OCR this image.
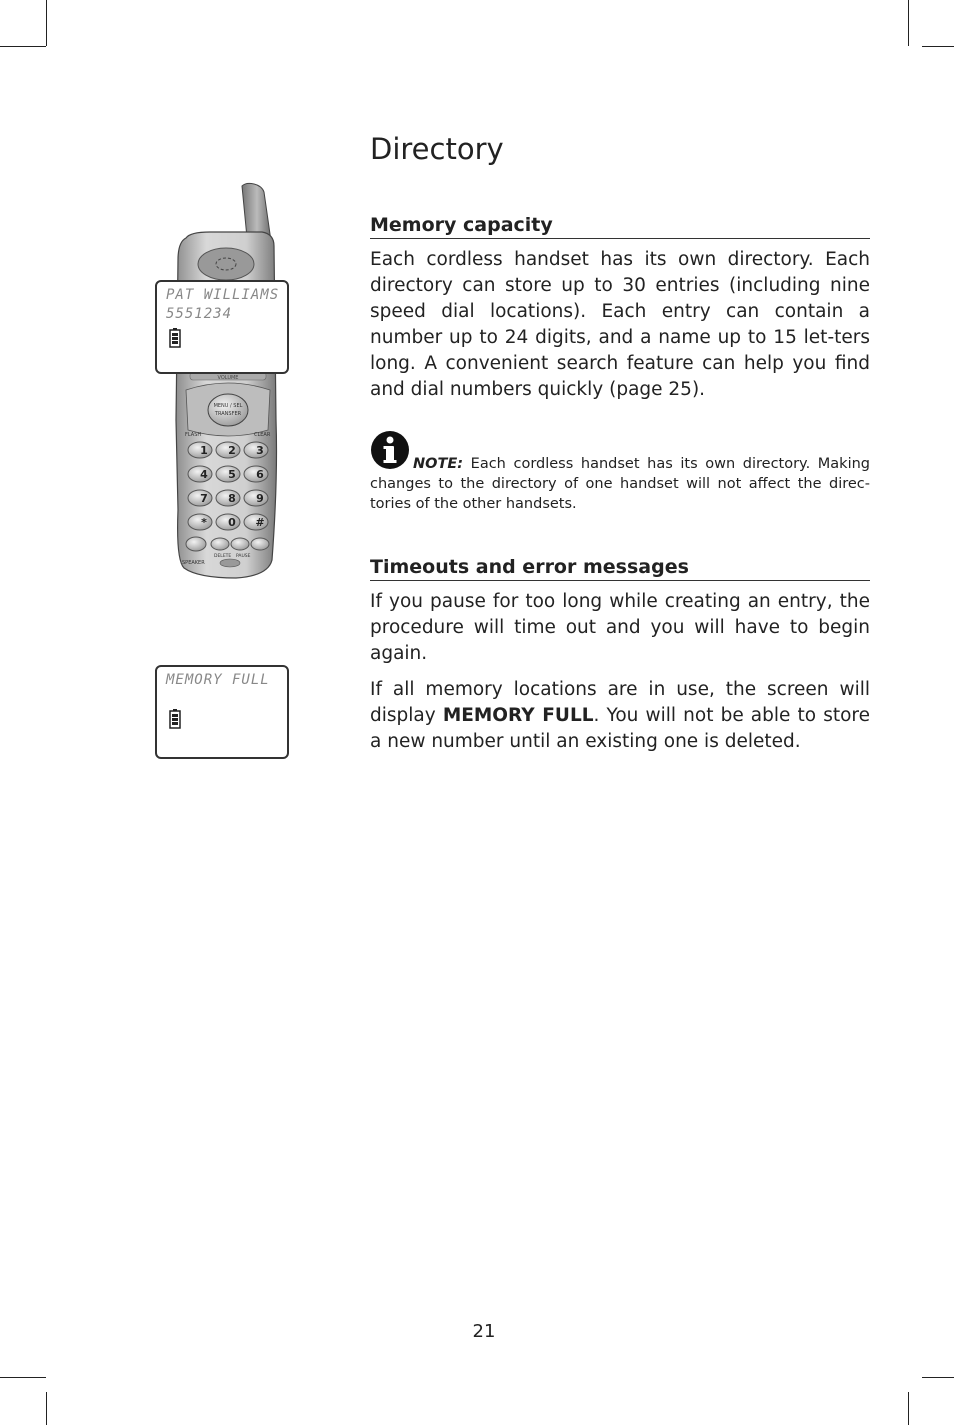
Directory
Memory capacity

Each cordless handset has its own directory. Each directory can store up to 30 entries (including nine speed dial locations). Each entry can contain a number up to 24 digits, and a name up to 15 let-ters long. A convenient search feature can help you find and dial numbers quickly (page 25).

NOTE: Each cordless handset has its own directory. Making changes to the directory of one handset will not affect the direc-tories of the other handsets.
Timeouts and error messages

If you pause for too long while creating an entry, the procedure will time out and you will have to begin again.

If all memory locations are in use, the screen will display MEMORY FULL. You will not be able to store a new number until an existing one is deleted.

VOLUME
MENU / SEL
TRANSFER
FLASH	CLEAR
1 2 3
4 5 6
7 8 9
* 0 #
SPEAKER
DELETE PAUSE
PAT WILLIAMS
5551234
MEMORY FULL
21
